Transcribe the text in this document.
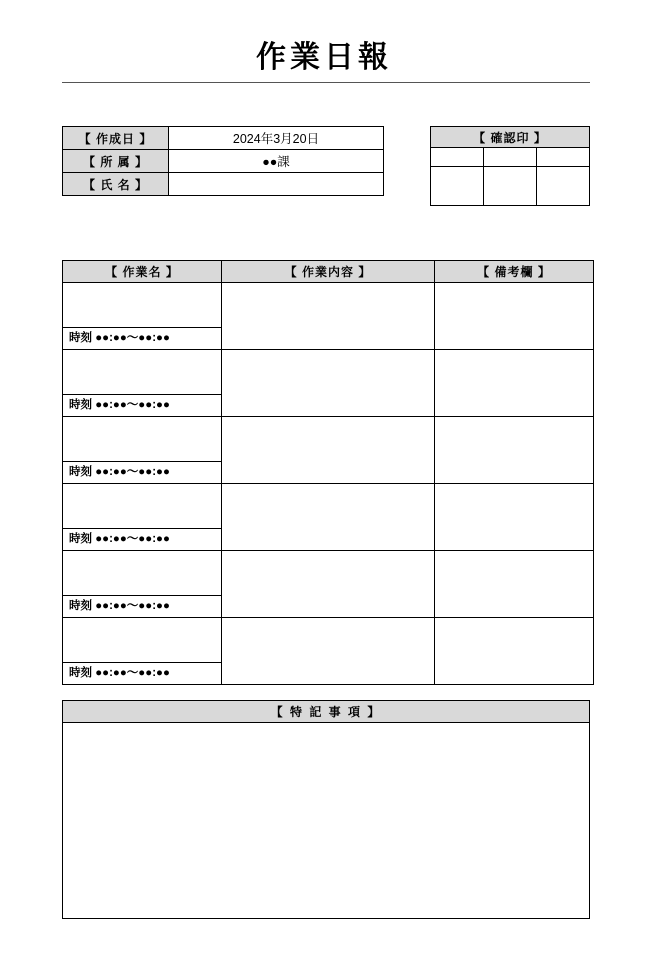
作業日報
【 作成日 】	2024年3月20日
【 所 属 】	●●課
【 氏 名 】	
【 確認印 】		

【 作業名 】	【 作業内容 】	【 備考欄 】

時刻 ●●:●●〜●●:●●		

時刻 ●●:●●〜●●:●●		

時刻 ●●:●●〜●●:●●		

時刻 ●●:●●〜●●:●●		

時刻 ●●:●●〜●●:●●		

時刻 ●●:●●〜●●:●●		

【 特 記 事 項 】
